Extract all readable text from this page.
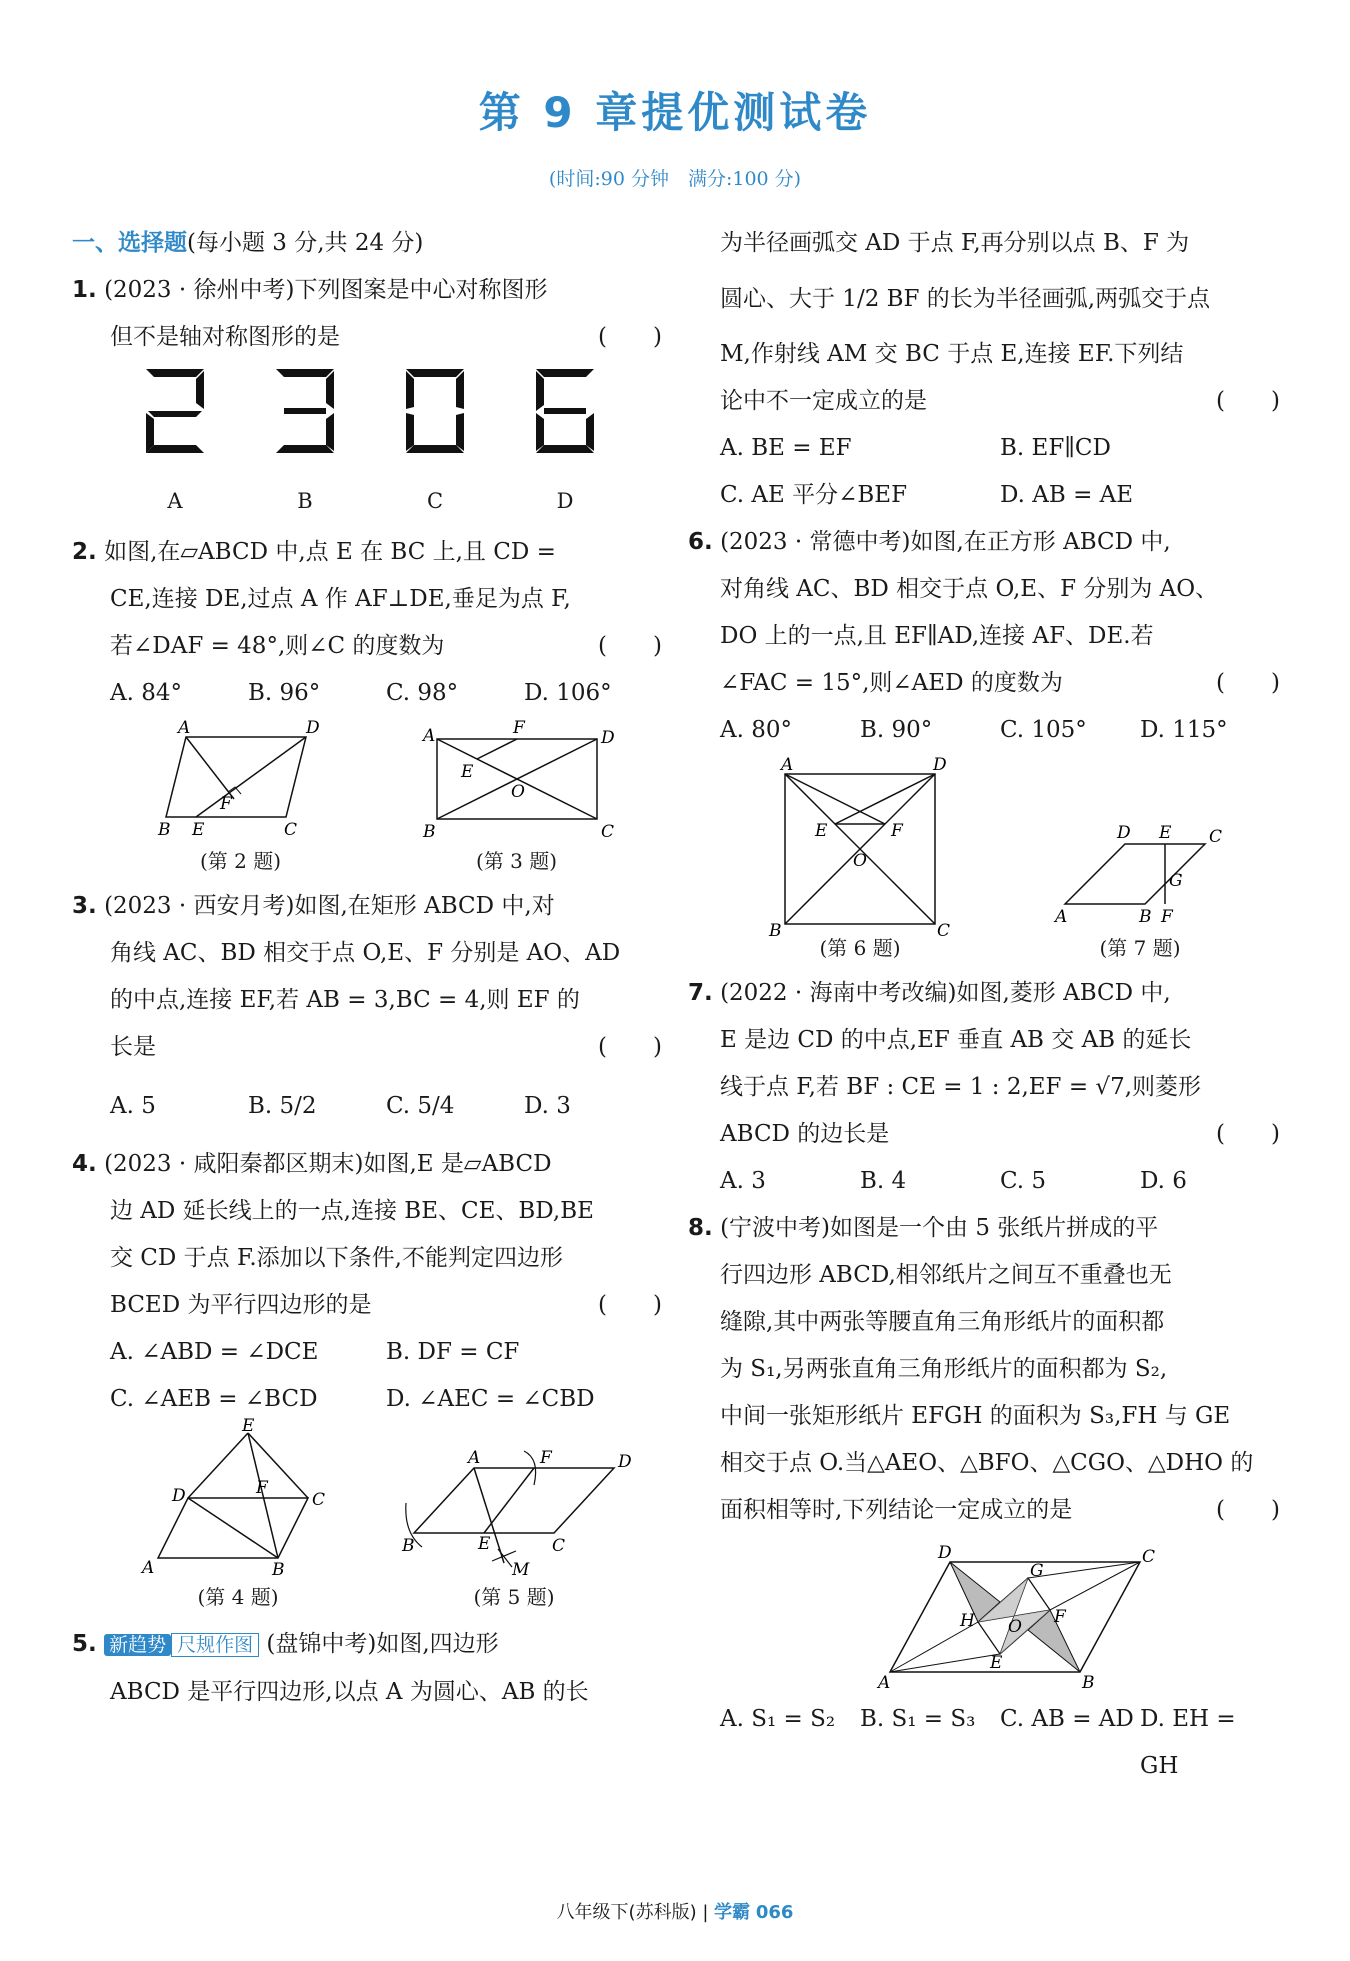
第 9 章提优测试卷
(时间:90 分钟　满分:100 分)
一、选择题(每小题 3 分,共 24 分)
1. (2023 · 徐州中考)下列图案是中心对称图形
但不是轴对称图形的是	(　　)
A	B	C	D
2. 如图,在▱ABCD 中,点 E 在 BC 上,且 CD =
CE,连接 DE,过点 A 作 AF⊥DE,垂足为点 F,
若∠DAF = 48°,则∠C 的度数为	(　　)
A. 84°	B. 96°	C. 98°	D. 106°
A	D
B E	C
F
(第 2 题)
A	F	D
E
O
B	C
(第 3 题)
3. (2023 · 西安月考)如图,在矩形 ABCD 中,对
角线 AC、BD 相交于点 O,E、F 分别是 AO、AD
的中点,连接 EF,若 AB = 3,BC = 4,则 EF 的
长是	(　　)
A. 5	B. 5/2	C. 5/4	D. 3
4. (2023 · 咸阳秦都区期末)如图,E 是▱ABCD
边 AD 延长线上的一点,连接 BE、CE、BD,BE
交 CD 于点 F.添加以下条件,不能判定四边形
BCED 为平行四边形的是	(　　)
A. ∠ABD = ∠DCE	B. DF = CF
C. ∠AEB = ∠BCD	D. ∠AEC = ∠CBD
E
D	F
C
A	B
(第 4 题)
A	F	D
B	E	C
M
(第 5 题)
5. 新趋势 尺规作图 (盘锦中考)如图,四边形
ABCD 是平行四边形,以点 A 为圆心、AB 的长
为半径画弧交 AD 于点 F,再分别以点 B、F 为
圆心、大于 1/2 BF 的长为半径画弧,两弧交于点
M,作射线 AM 交 BC 于点 E,连接 EF.下列结
论中不一定成立的是	(　　)
A. BE = EF	B. EF∥CD
C. AE 平分∠BEF	D. AB = AE
6. (2023 · 常德中考)如图,在正方形 ABCD 中,
对角线 AC、BD 相交于点 O,E、F 分别为 AO、
DO 上的一点,且 EF∥AD,连接 AF、DE.若
∠FAC = 15°,则∠AED 的度数为	(　　)
A. 80°	B. 90°	C. 105°	D. 115°
A	D
E	F
O
B	C
(第 6 题)
D E C
G
A	B F
(第 7 题)
7. (2022 · 海南中考改编)如图,菱形 ABCD 中,
E 是边 CD 的中点,EF 垂直 AB 交 AB 的延长
线于点 F,若 BF : CE = 1 : 2,EF = √7,则菱形
ABCD 的边长是	(　　)
A. 3	B. 4	C. 5	D. 6
8. (宁波中考)如图是一个由 5 张纸片拼成的平
行四边形 ABCD,相邻纸片之间互不重叠也无
缝隙,其中两张等腰直角三角形纸片的面积都
为 S₁,另两张直角三角形纸片的面积都为 S₂,
中间一张矩形纸片 EFGH 的面积为 S₃,FH 与 GE
相交于点 O.当△AEO、△BFO、△CGO、△DHO 的
面积相等时,下列结论一定成立的是	(　　)
D	C
G
H O F
E
A	B
A. S₁ = S₂	B. S₁ = S₃	C. AB = AD D. EH = GH
八年级下(苏科版) | 学霸 066
